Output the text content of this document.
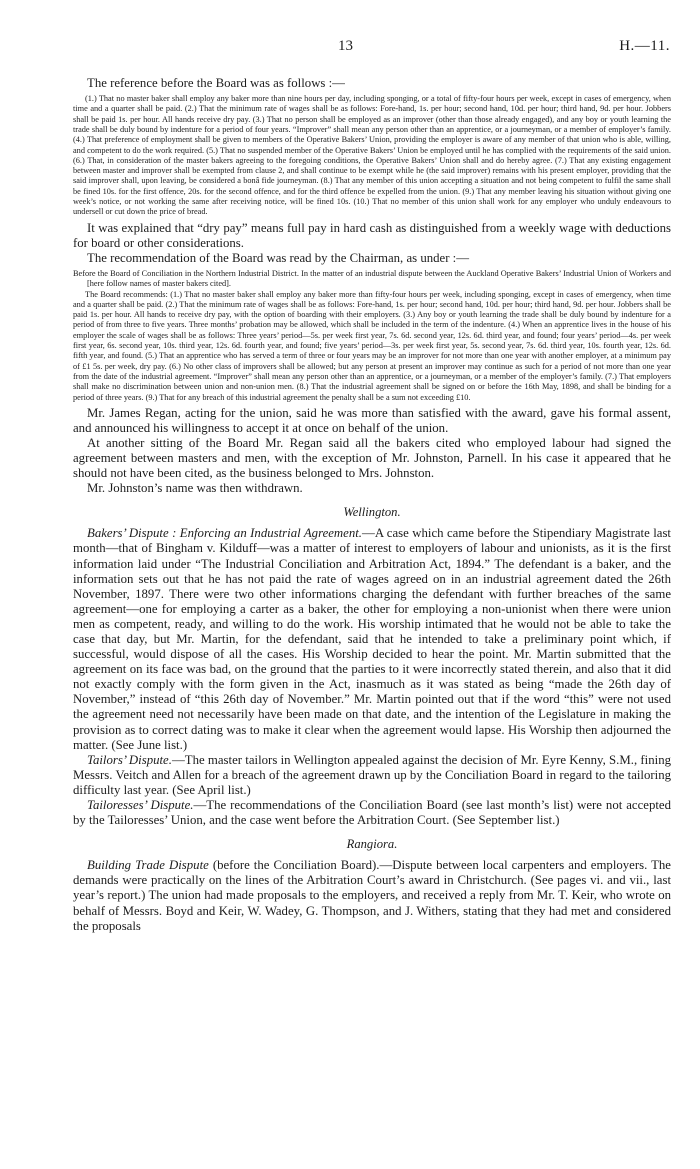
13	H.—11.

The reference before the Board was as follows :—

(1.) That no master baker shall employ any baker more than nine hours per day, including sponging, or a total of fifty-four hours per week, except in cases of emergency, when time and a quarter shall be paid. (2.) That the minimum rate of wages shall be as follows: Fore-hand, 1s. per hour; second hand, 10d. per hour; third hand, 9d. per hour. Jobbers shall be paid 1s. per hour. All hands receive dry pay. (3.) That no person shall be employed as an improver (other than those already engaged), and any boy or youth learning the trade shall be duly bound by indenture for a period of four years. “Improver” shall mean any person other than an apprentice, or a journeyman, or a member of employer’s family. (4.) That preference of employment shall be given to members of the Operative Bakers’ Union, providing the employer is aware of any member of that union who is able, willing, and competent to do the work required. (5.) That no suspended member of the Operative Bakers’ Union be employed until he has complied with the requirements of the said union. (6.) That, in consideration of the master bakers agreeing to the foregoing conditions, the Operative Bakers’ Union shall and do hereby agree. (7.) That any existing engagement between master and improver shall be exempted from clause 2, and shall continue to be exempt while he (the said improver) remains with his present employer, providing that the said improver shall, upon leaving, be considered a bonâ fide journeyman. (8.) That any member of this union accepting a situation and not being competent to fulfil the same shall be fined 10s. for the first offence, 20s. for the second offence, and for the third offence be expelled from the union. (9.) That any member leaving his situation without giving one week’s notice, or not working the same after receiving notice, will be fined 10s. (10.) That no member of this union shall work for any employer who unduly endeavours to undersell or cut down the price of bread.

It was explained that “dry pay” means full pay in hard cash as distinguished from a weekly wage with deductions for board or other considerations.

The recommendation of the Board was read by the Chairman, as under :—

Before the Board of Conciliation in the Northern Industrial District. In the matter of an industrial dispute between the Auckland Operative Bakers’ Industrial Union of Workers and [here follow names of master bakers cited].

The Board recommends: (1.) That no master baker shall employ any baker more than fifty-four hours per week, including sponging, except in cases of emergency, when time and a quarter shall be paid. (2.) That the minimum rate of wages shall be as follows: Fore-hand, 1s. per hour; second hand, 10d. per hour; third hand, 9d. per hour. Jobbers shall be paid 1s. per hour. All hands to receive dry pay, with the option of boarding with their employers. (3.) Any boy or youth learning the trade shall be duly bound by indenture for a period of from three to five years. Three months’ probation may be allowed, which shall be included in the term of the indenture. (4.) When an apprentice lives in the house of his employer the scale of wages shall be as follows: Three years’ period—5s. per week first year, 7s. 6d. second year, 12s. 6d. third year, and found; four years’ period—4s. per week first year, 6s. second year, 10s. third year, 12s. 6d. fourth year, and found; five years’ period—3s. per week first year, 5s. second year, 7s. 6d. third year, 10s. fourth year, 12s. 6d. fifth year, and found. (5.) That an apprentice who has served a term of three or four years may be an improver for not more than one year with another employer, at a minimum pay of £1 5s. per week, dry pay. (6.) No other class of improvers shall be allowed; but any person at present an improver may continue as such for a period of not more than one year from the date of the industrial agreement. “Improver” shall mean any person other than an apprentice, or a journeyman, or a member of the employer’s family. (7.) That employers shall make no discrimination between union and non-union men. (8.) That the industrial agreement shall be signed on or before the 16th May, 1898, and shall be binding for a period of three years. (9.) That for any breach of this industrial agreement the penalty shall be a sum not exceeding £10.

Mr. James Regan, acting for the union, said he was more than satisfied with the award, gave his formal assent, and announced his willingness to accept it at once on behalf of the union.

At another sitting of the Board Mr. Regan said all the bakers cited who employed labour had signed the agreement between masters and men, with the exception of Mr. Johnston, Parnell. In his case it appeared that he should not have been cited, as the business belonged to Mrs. Johnston.

Mr. Johnston’s name was then withdrawn.

Wellington.

Bakers’ Dispute : Enforcing an Industrial Agreement.—A case which came before the Stipendiary Magistrate last month—that of Bingham v. Kilduff—was a matter of interest to employers of labour and unionists, as it is the first information laid under “The Industrial Conciliation and Arbitration Act, 1894.” The defendant is a baker, and the information sets out that he has not paid the rate of wages agreed on in an industrial agreement dated the 26th November, 1897. There were two other informations charging the defendant with further breaches of the same agreement—one for employing a carter as a baker, the other for employing a non-unionist when there were union men as competent, ready, and willing to do the work. His worship intimated that he would not be able to take the case that day, but Mr. Martin, for the defendant, said that he intended to take a preliminary point which, if successful, would dispose of all the cases. His Worship decided to hear the point. Mr. Martin submitted that the agreement on its face was bad, on the ground that the parties to it were incorrectly stated therein, and also that it did not exactly comply with the form given in the Act, inasmuch as it was stated as being “made the 26th day of November,” instead of “this 26th day of November.” Mr. Martin pointed out that if the word “this” were not used the agreement need not necessarily have been made on that date, and the intention of the Legislature in making the provision as to correct dating was to make it clear when the agreement would lapse. His Worship then adjourned the matter. (See June list.)

Tailors’ Dispute.—The master tailors in Wellington appealed against the decision of Mr. Eyre Kenny, S.M., fining Messrs. Veitch and Allen for a breach of the agreement drawn up by the Conciliation Board in regard to the tailoring difficulty last year. (See April list.)

Tailoresses’ Dispute.—The recommendations of the Conciliation Board (see last month’s list) were not accepted by the Tailoresses’ Union, and the case went before the Arbitration Court. (See September list.)

Rangiora.

Building Trade Dispute (before the Conciliation Board).—Dispute between local carpenters and employers. The demands were practically on the lines of the Arbitration Court’s award in Christchurch. (See pages vi. and vii., last year’s report.) The union had made proposals to the employers, and received a reply from Mr. T. Keir, who wrote on behalf of Messrs. Boyd and Keir, W. Wadey, G. Thompson, and J. Withers, stating that they had met and considered the proposals
